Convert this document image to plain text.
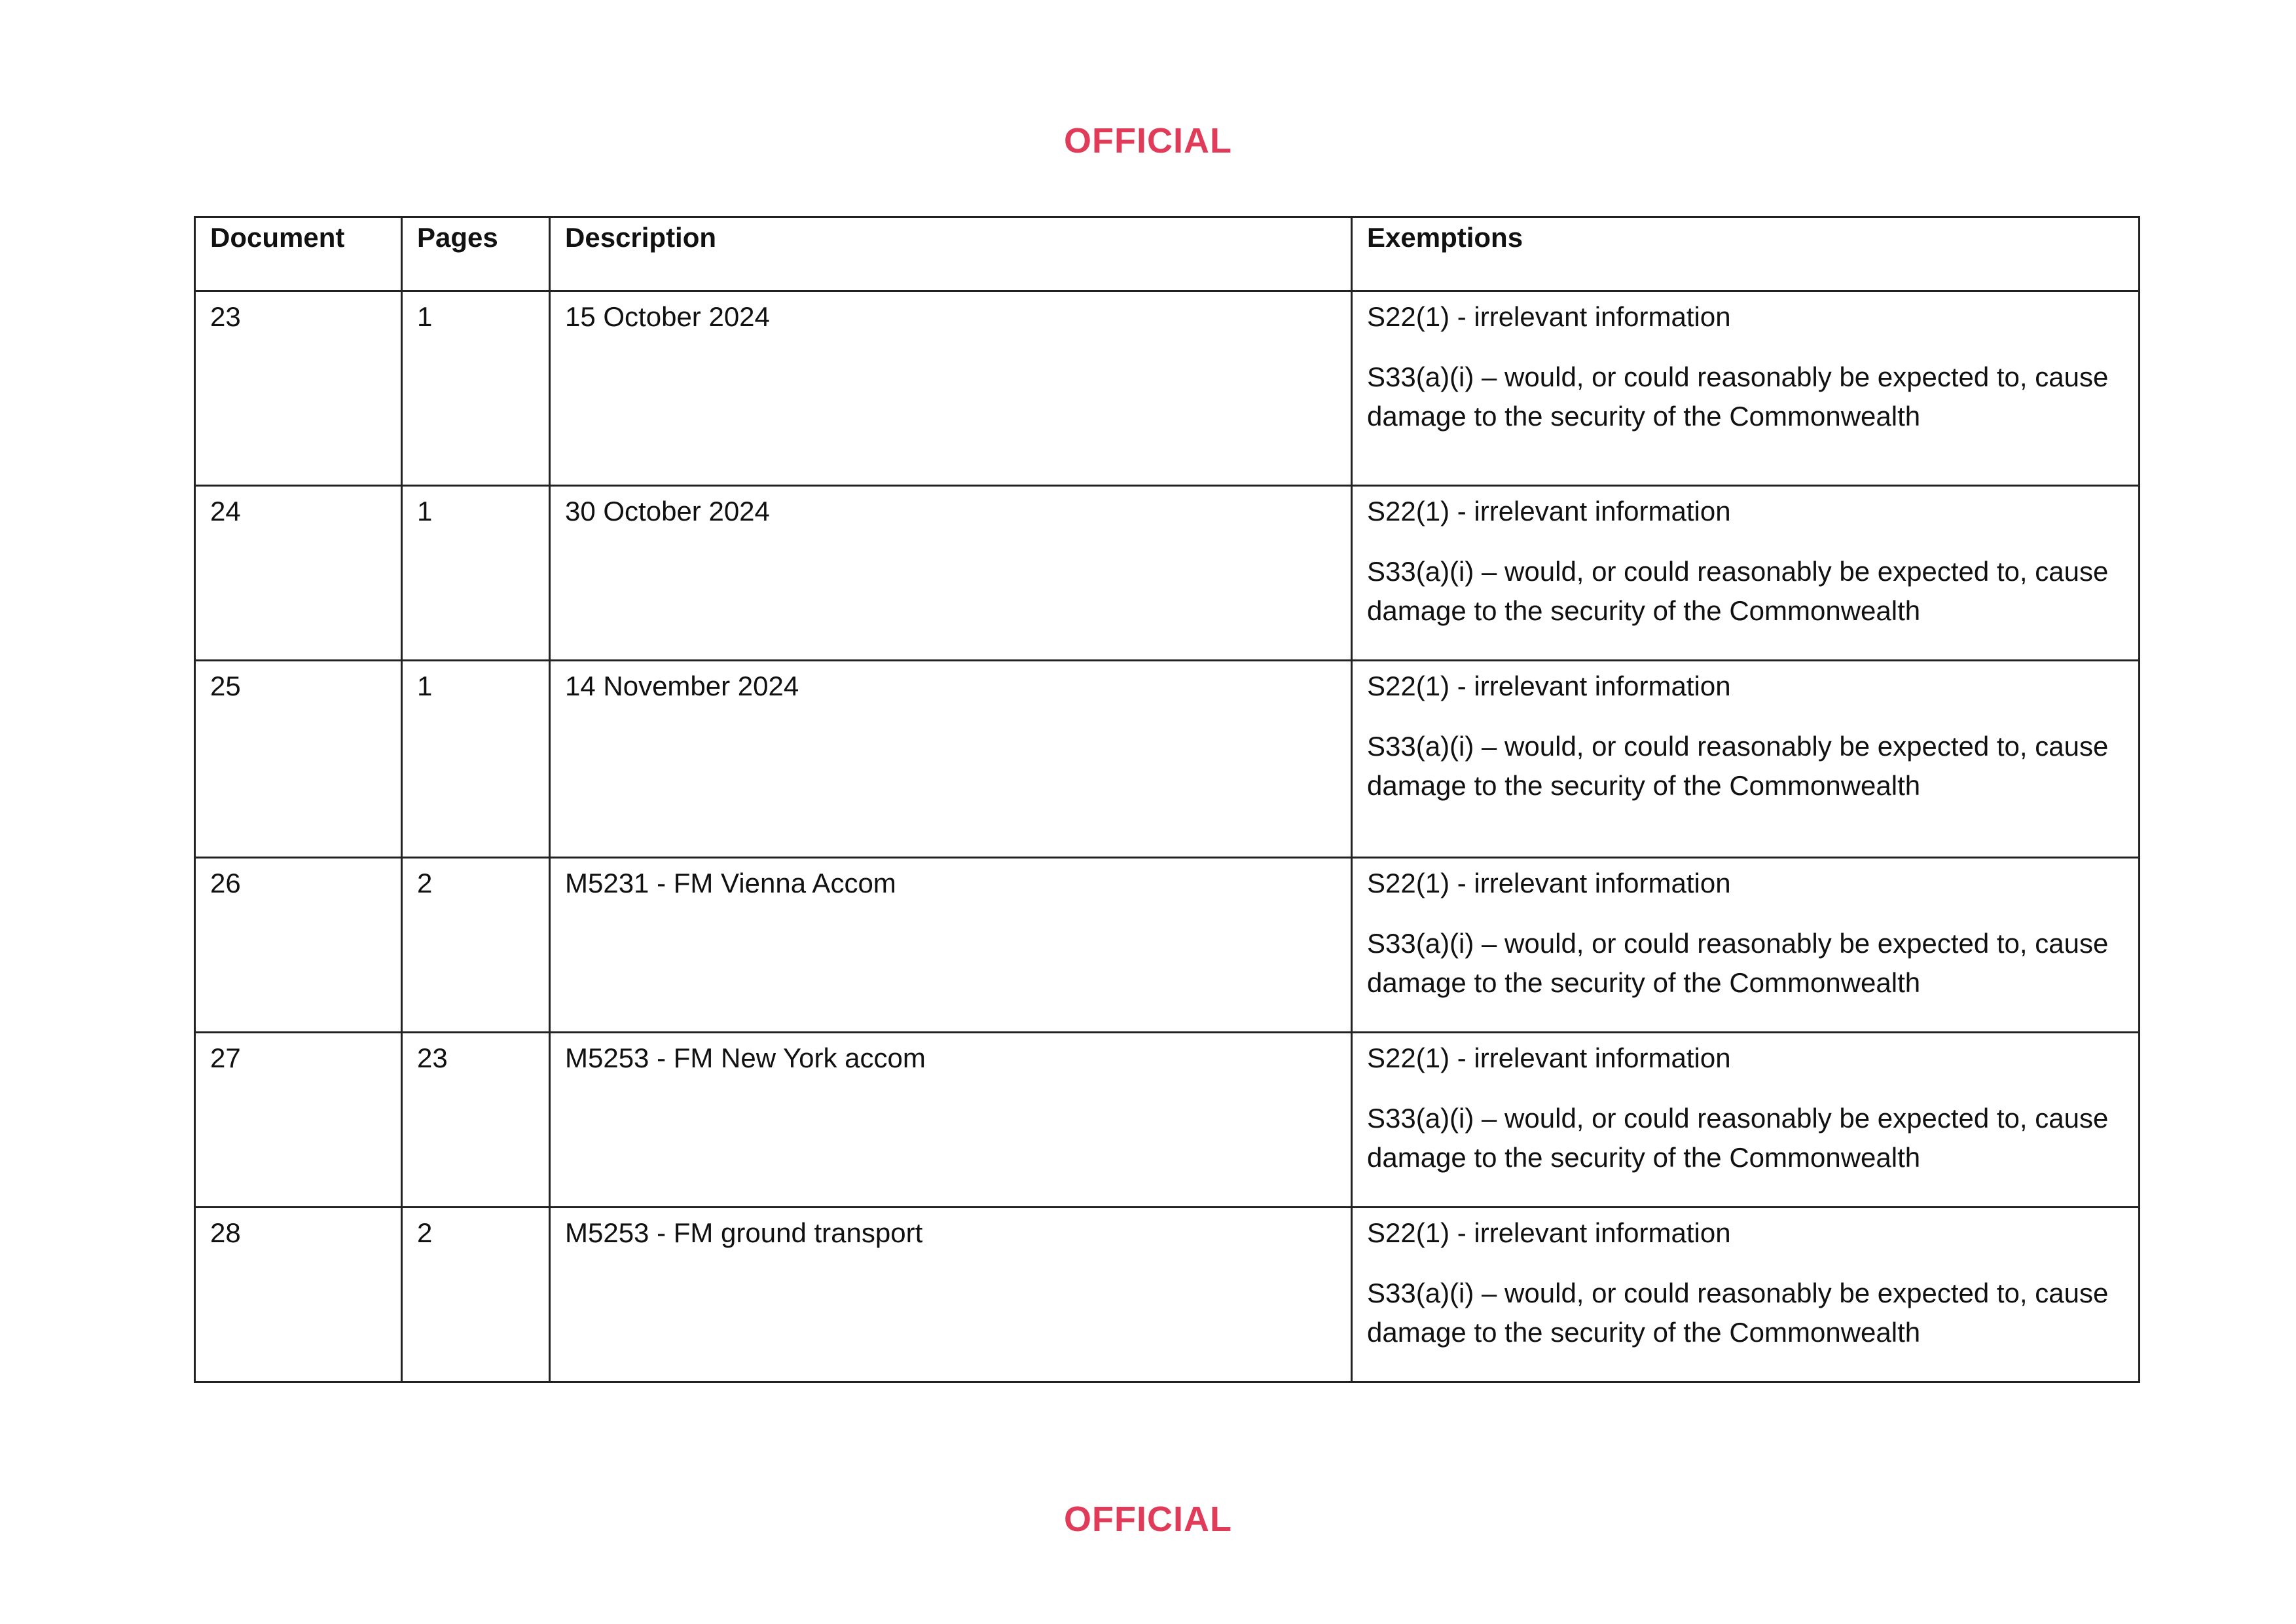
OFFICIAL
Document	Pages	Description	Exemptions
23	1	15 October 2024	S22(1) - irrelevant information
S33(a)(i) – would, or could reasonably be expected to, cause damage to the security of the Commonwealth

24	1	30 October 2024	S22(1) - irrelevant information
S33(a)(i) – would, or could reasonably be expected to, cause damage to the security of the Commonwealth

25	1	14 November 2024	S22(1) - irrelevant information
S33(a)(i) – would, or could reasonably be expected to, cause damage to the security of the Commonwealth

26	2	M5231 - FM Vienna Accom	S22(1) - irrelevant information
S33(a)(i) – would, or could reasonably be expected to, cause damage to the security of the Commonwealth

27	23	M5253 - FM New York accom	S22(1) - irrelevant information
S33(a)(i) – would, or could reasonably be expected to, cause damage to the security of the Commonwealth

28	2	M5253 - FM ground transport	S22(1) - irrelevant information
S33(a)(i) – would, or could reasonably be expected to, cause damage to the security of the Commonwealth
OFFICIAL
